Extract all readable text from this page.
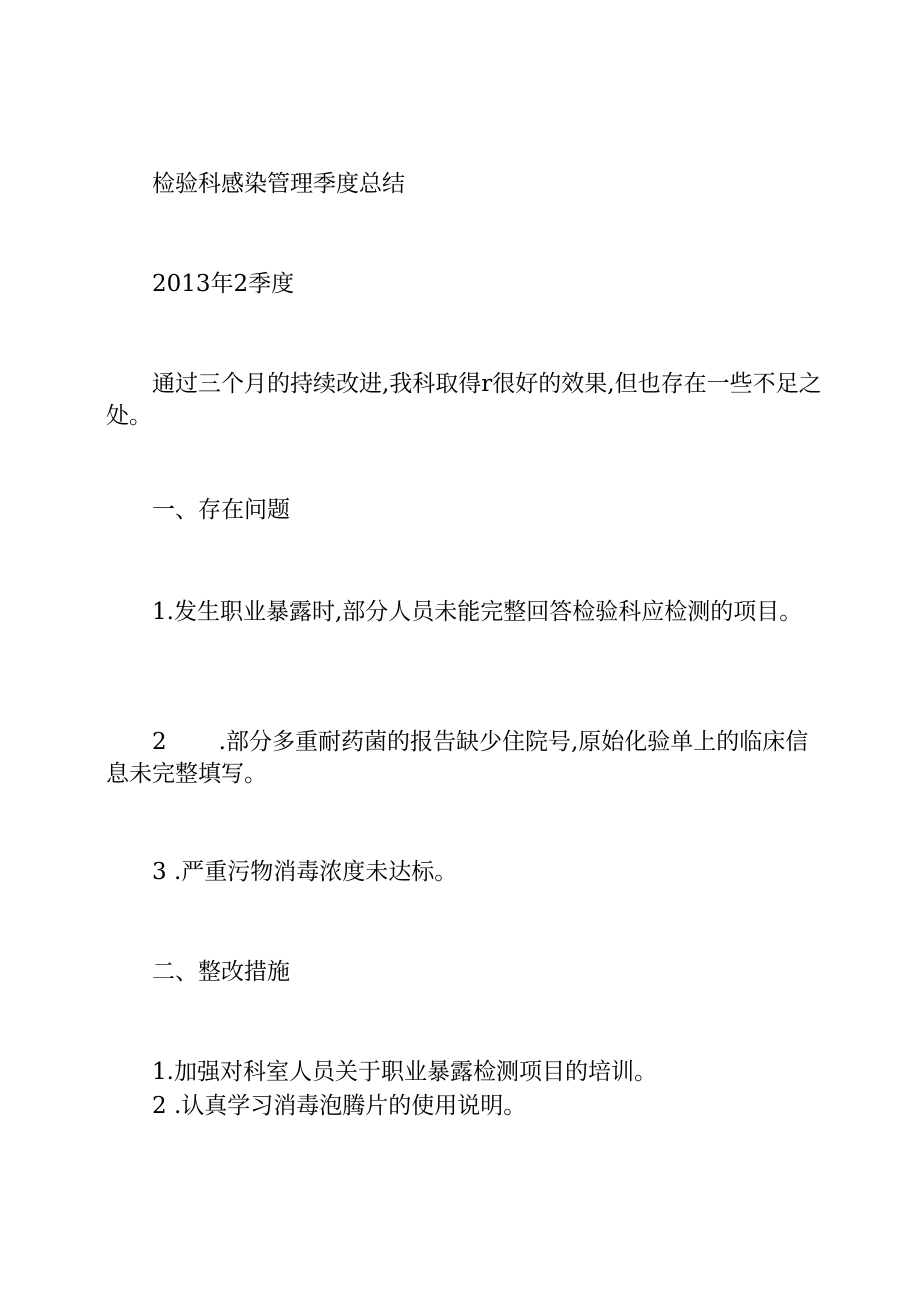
检验科感染管理季度总结
2013年2季度
通过三个月的持续改进,我科取得r很好的效果,但也存在一些不足之处。
一、存在问题
1.发生职业暴露时,部分人员未能完整回答检验科应检测的项目。
2 .部分多重耐药菌的报告缺少住院号,原始化验单上的临床信息未完整填写。
3 .严重污物消毒浓度未达标。
二、整改措施
1.加强对科室人员关于职业暴露检测项目的培训。
2 .认真学习消毒泡腾片的使用说明。
